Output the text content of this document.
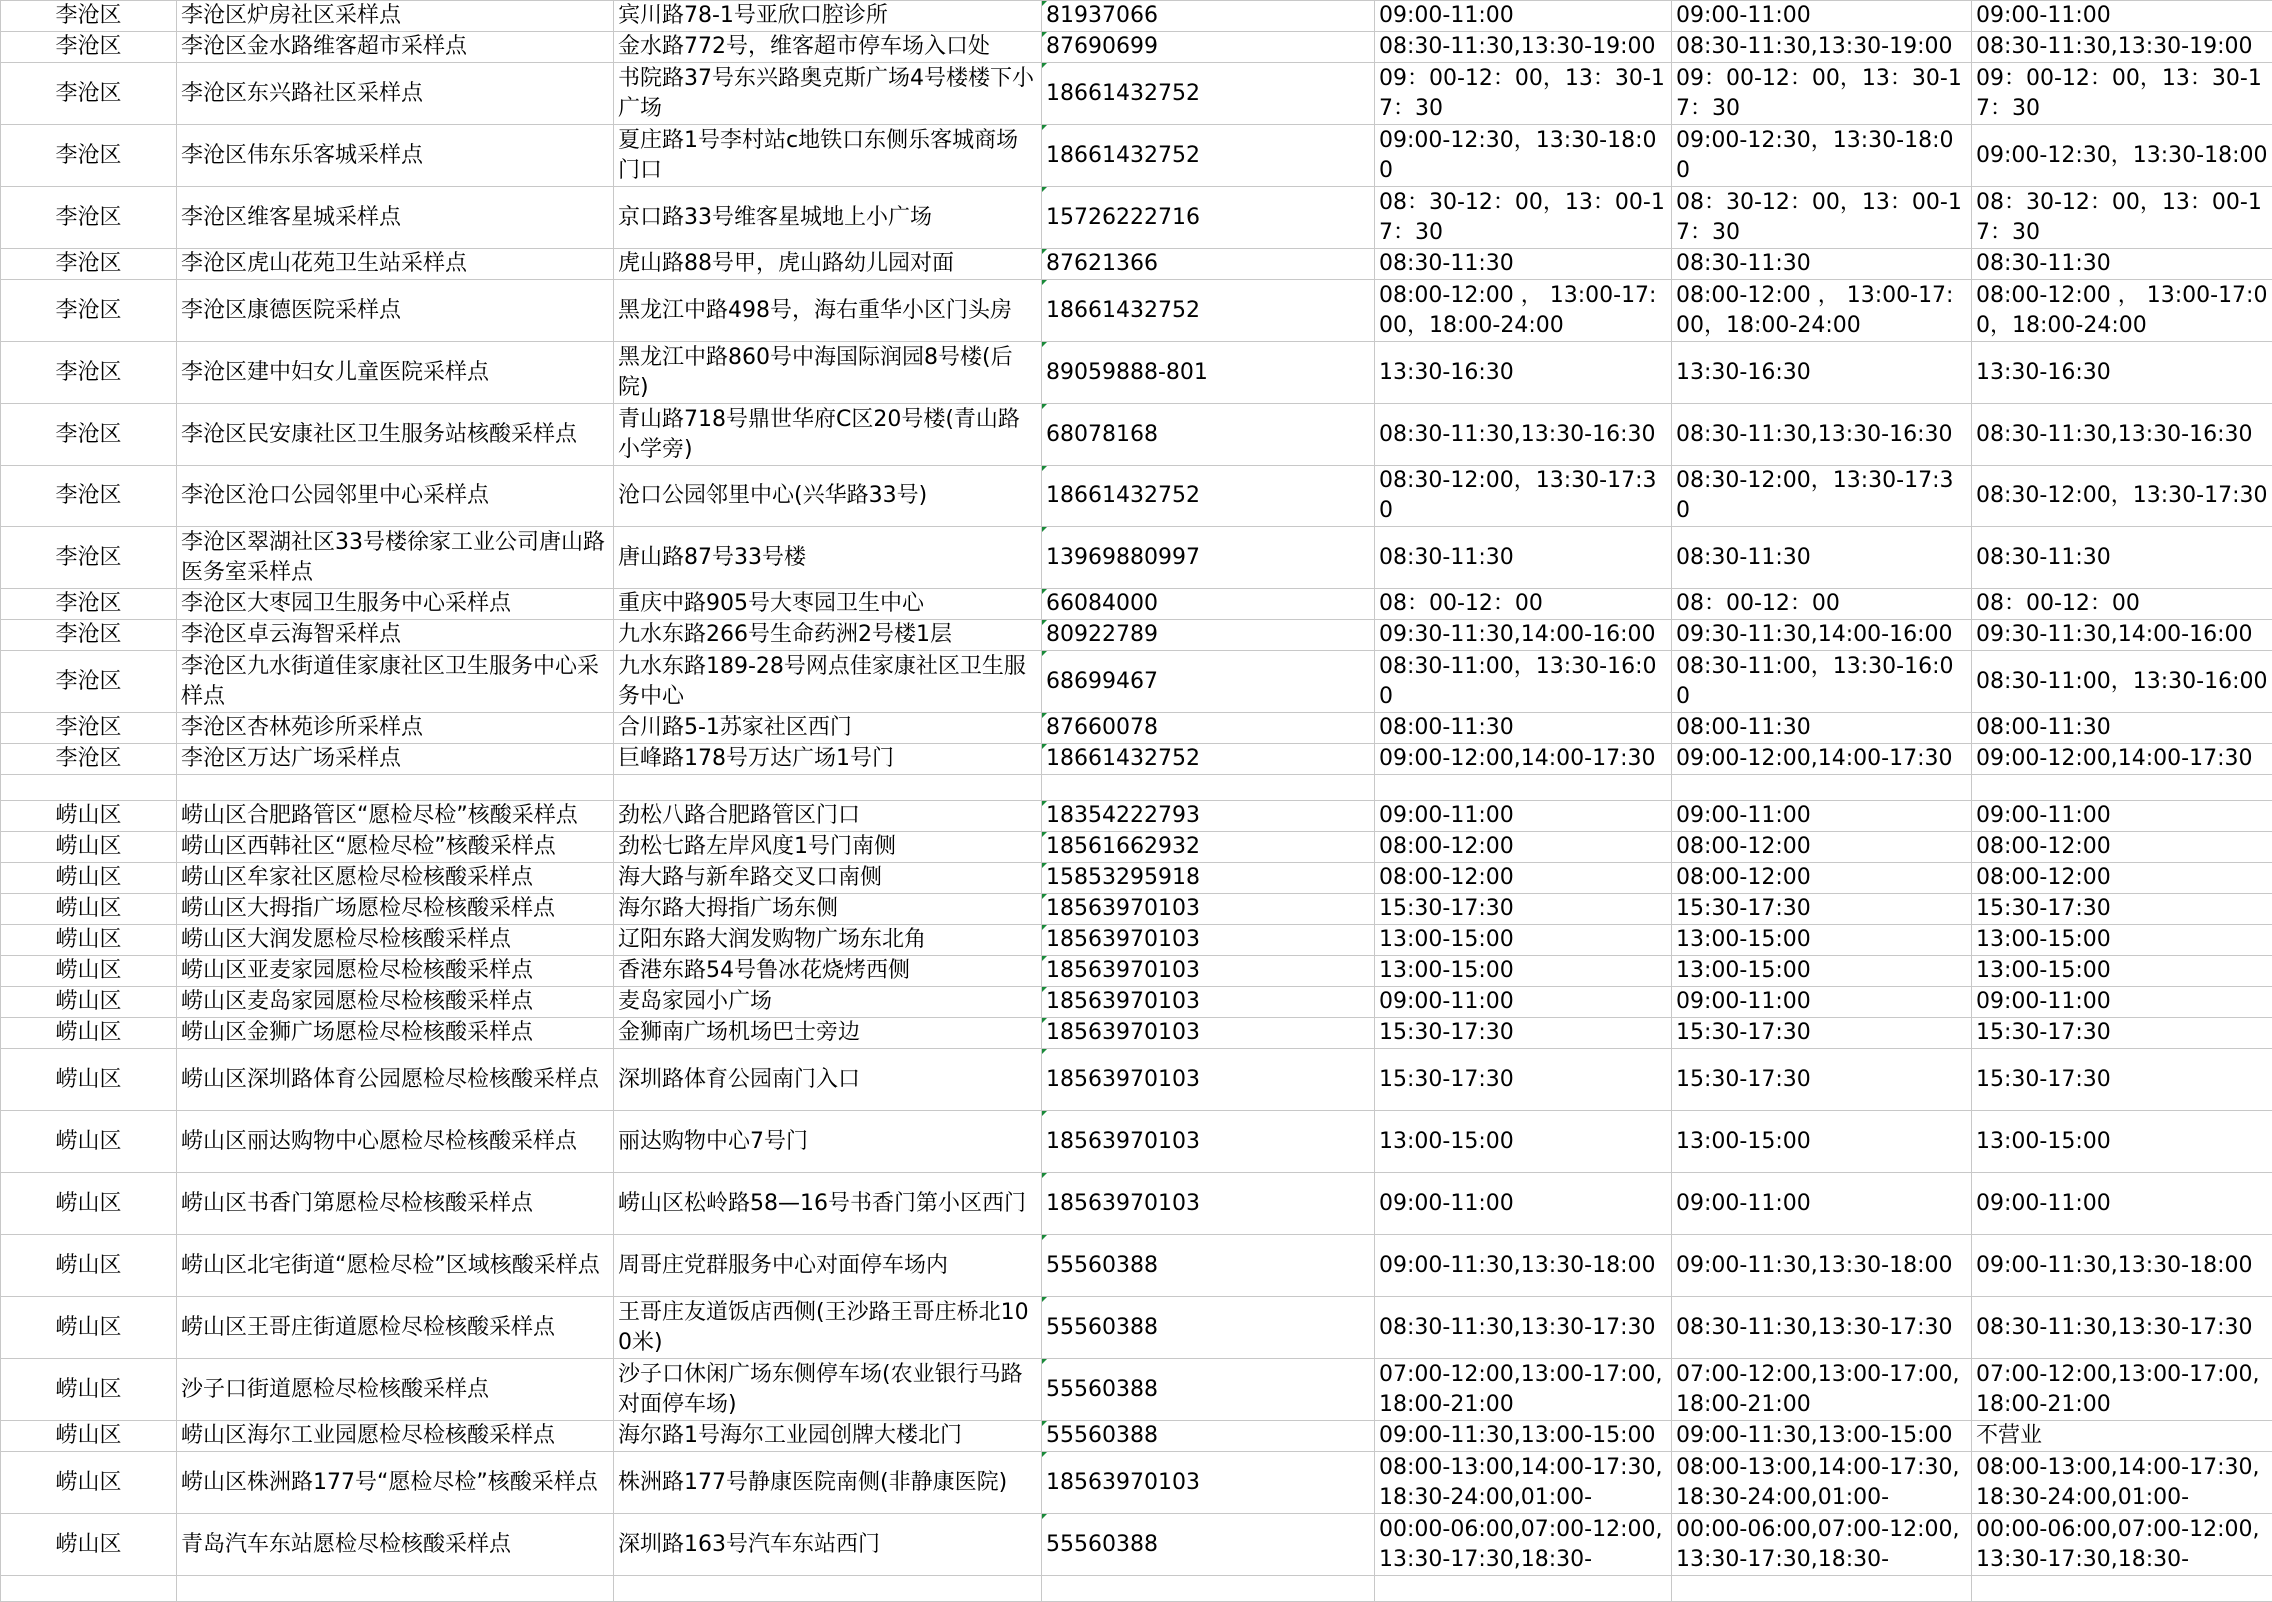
李沧区	李沧区炉房社区采样点	宾川路78-1号亚欣口腔诊所	81937066	09:00-11:00	09:00-11:00	09:00-11:00
李沧区	李沧区金水路维客超市采样点	金水路772号，维客超市停车场入口处	87690699	08:30-11:30,13:30-19:00	08:30-11:30,13:30-19:00	08:30-11:30,13:30-19:00
李沧区	李沧区东兴路社区采样点	书院路37号东兴路奥克斯广场4号楼楼下小广场	18661432752	09：00-12：00，13：30-17：30	09：00-12：00，13：30-17：30	09：00-12：00，13：30-17：30
李沧区	李沧区伟东乐客城采样点	夏庄路1号李村站c地铁口东侧乐客城商场门口	18661432752	09:00-12:30，13:30-18:00	09:00-12:30，13:30-18:00	09:00-12:30，13:30-18:00
李沧区	李沧区维客星城采样点	京口路33号维客星城地上小广场	15726222716	08：30-12：00，13：00-17：30	08：30-12：00，13：00-17：30	08：30-12：00，13：00-17：30
李沧区	李沧区虎山花苑卫生站采样点	虎山路88号甲，虎山路幼儿园对面	87621366	08:30-11:30	08:30-11:30	08:30-11:30
李沧区	李沧区康德医院采样点	黑龙江中路498号，海右重华小区门头房	18661432752	08:00-12:00 ， 13:00-17:00，18:00-24:00	08:00-12:00 ， 13:00-17:00，18:00-24:00	08:00-12:00 ， 13:00-17:00，18:00-24:00
李沧区	李沧区建中妇女儿童医院采样点	黑龙江中路860号中海国际润园8号楼(后院)	89059888-801	13:30-16:30	13:30-16:30	13:30-16:30
李沧区	李沧区民安康社区卫生服务站核酸采样点	青山路718号鼎世华府C区20号楼(青山路小学旁)	68078168	08:30-11:30,13:30-16:30	08:30-11:30,13:30-16:30	08:30-11:30,13:30-16:30
李沧区	李沧区沧口公园邻里中心采样点	沧口公园邻里中心(兴华路33号)	18661432752	08:30-12:00，13:30-17:30	08:30-12:00，13:30-17:30	08:30-12:00，13:30-17:30
李沧区	李沧区翠湖社区33号楼徐家工业公司唐山路医务室采样点	唐山路87号33号楼	13969880997	08:30-11:30	08:30-11:30	08:30-11:30
李沧区	李沧区大枣园卫生服务中心采样点	重庆中路905号大枣园卫生中心	66084000	08：00-12：00	08：00-12：00	08：00-12：00
李沧区	李沧区卓云海智采样点	九水东路266号生命药洲2号楼1层	80922789	09:30-11:30,14:00-16:00	09:30-11:30,14:00-16:00	09:30-11:30,14:00-16:00
李沧区	李沧区九水街道佳家康社区卫生服务中心采样点	九水东路189-28号网点佳家康社区卫生服务中心	68699467	08:30-11:00，13:30-16:00	08:30-11:00，13:30-16:00	08:30-11:00，13:30-16:00
李沧区	李沧区杏林苑诊所采样点	合川路5-1苏家社区西门	87660078	08:00-11:30	08:00-11:30	08:00-11:30
李沧区	李沧区万达广场采样点	巨峰路178号万达广场1号门	18661432752	09:00-12:00,14:00-17:30	09:00-12:00,14:00-17:30	09:00-12:00,14:00-17:30

崂山区	崂山区合肥路管区“愿检尽检”核酸采样点	劲松八路合肥路管区门口	18354222793	09:00-11:00	09:00-11:00	09:00-11:00
崂山区	崂山区西韩社区“愿检尽检”核酸采样点	劲松七路左岸风度1号门南侧	18561662932	08:00-12:00	08:00-12:00	08:00-12:00
崂山区	崂山区牟家社区愿检尽检核酸采样点	海大路与新牟路交叉口南侧	15853295918	08:00-12:00	08:00-12:00	08:00-12:00
崂山区	崂山区大拇指广场愿检尽检核酸采样点	海尔路大拇指广场东侧	18563970103	15:30-17:30	15:30-17:30	15:30-17:30
崂山区	崂山区大润发愿检尽检核酸采样点	辽阳东路大润发购物广场东北角	18563970103	13:00-15:00	13:00-15:00	13:00-15:00
崂山区	崂山区亚麦家园愿检尽检核酸采样点	香港东路54号鲁冰花烧烤西侧	18563970103	13:00-15:00	13:00-15:00	13:00-15:00
崂山区	崂山区麦岛家园愿检尽检核酸采样点	麦岛家园小广场	18563970103	09:00-11:00	09:00-11:00	09:00-11:00
崂山区	崂山区金狮广场愿检尽检核酸采样点	金狮南广场机场巴士旁边	18563970103	15:30-17:30	15:30-17:30	15:30-17:30
崂山区	崂山区深圳路体育公园愿检尽检核酸采样点	深圳路体育公园南门入口	18563970103	15:30-17:30	15:30-17:30	15:30-17:30
崂山区	崂山区丽达购物中心愿检尽检核酸采样点	丽达购物中心7号门	18563970103	13:00-15:00	13:00-15:00	13:00-15:00
崂山区	崂山区书香门第愿检尽检核酸采样点	崂山区松岭路58—16号书香门第小区西门	18563970103	09:00-11:00	09:00-11:00	09:00-11:00
崂山区	崂山区北宅街道“愿检尽检”区域核酸采样点	周哥庄党群服务中心对面停车场内	55560388	09:00-11:30,13:30-18:00	09:00-11:30,13:30-18:00	09:00-11:30,13:30-18:00
崂山区	崂山区王哥庄街道愿检尽检核酸采样点	王哥庄友道饭店西侧(王沙路王哥庄桥北100米)	55560388	08:30-11:30,13:30-17:30	08:30-11:30,13:30-17:30	08:30-11:30,13:30-17:30
崂山区	沙子口街道愿检尽检核酸采样点	沙子口休闲广场东侧停车场(农业银行马路对面停车场)	55560388	07:00-12:00,13:00-17:00,18:00-21:00	07:00-12:00,13:00-17:00,18:00-21:00	07:00-12:00,13:00-17:00,18:00-21:00
崂山区	崂山区海尔工业园愿检尽检核酸采样点	海尔路1号海尔工业园创牌大楼北门	55560388	09:00-11:30,13:00-15:00	09:00-11:30,13:00-15:00	不营业
崂山区	崂山区株洲路177号“愿检尽检”核酸采样点	株洲路177号静康医院南侧(非静康医院)	18563970103	08:00-13:00,14:00-17:30,18:30-24:00,01:00-	08:00-13:00,14:00-17:30,18:30-24:00,01:00-	08:00-13:00,14:00-17:30,18:30-24:00,01:00-
崂山区	青岛汽车东站愿检尽检核酸采样点	深圳路163号汽车东站西门	55560388	00:00-06:00,07:00-12:00,13:30-17:30,18:30-	00:00-06:00,07:00-12:00,13:30-17:30,18:30-	00:00-06:00,07:00-12:00,13:30-17:30,18:30-
